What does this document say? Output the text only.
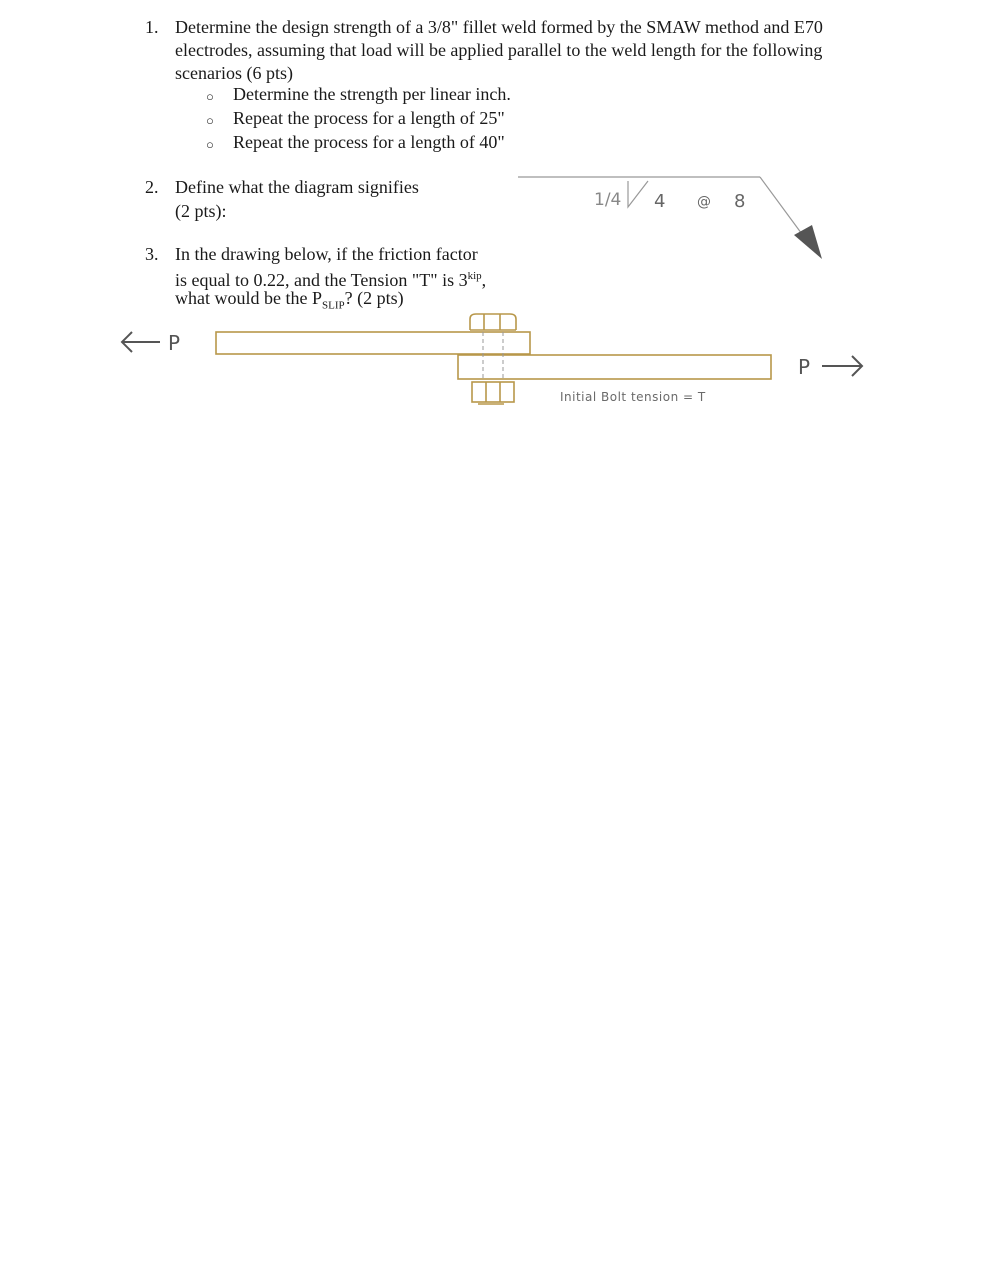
1. Determine the design strength of a 3/8" fillet weld formed by the SMAW method and E70
electrodes, assuming that load will be applied parallel to the weld length for the following
scenarios (6 pts)
○ Determine the strength per linear inch.
○ Repeat the process for a length of 25"
○ Repeat the process for a length of 40"
2. Define what the diagram signifies
(2 pts):
1/4 4 @ 8
3. In the drawing below, if the friction factor
is equal to 0.22, and the Tension "T" is $3^{kip}$,
what would be the $P_{SLIP}$? (2 pts)
P
P
Initial Bolt tension = T
